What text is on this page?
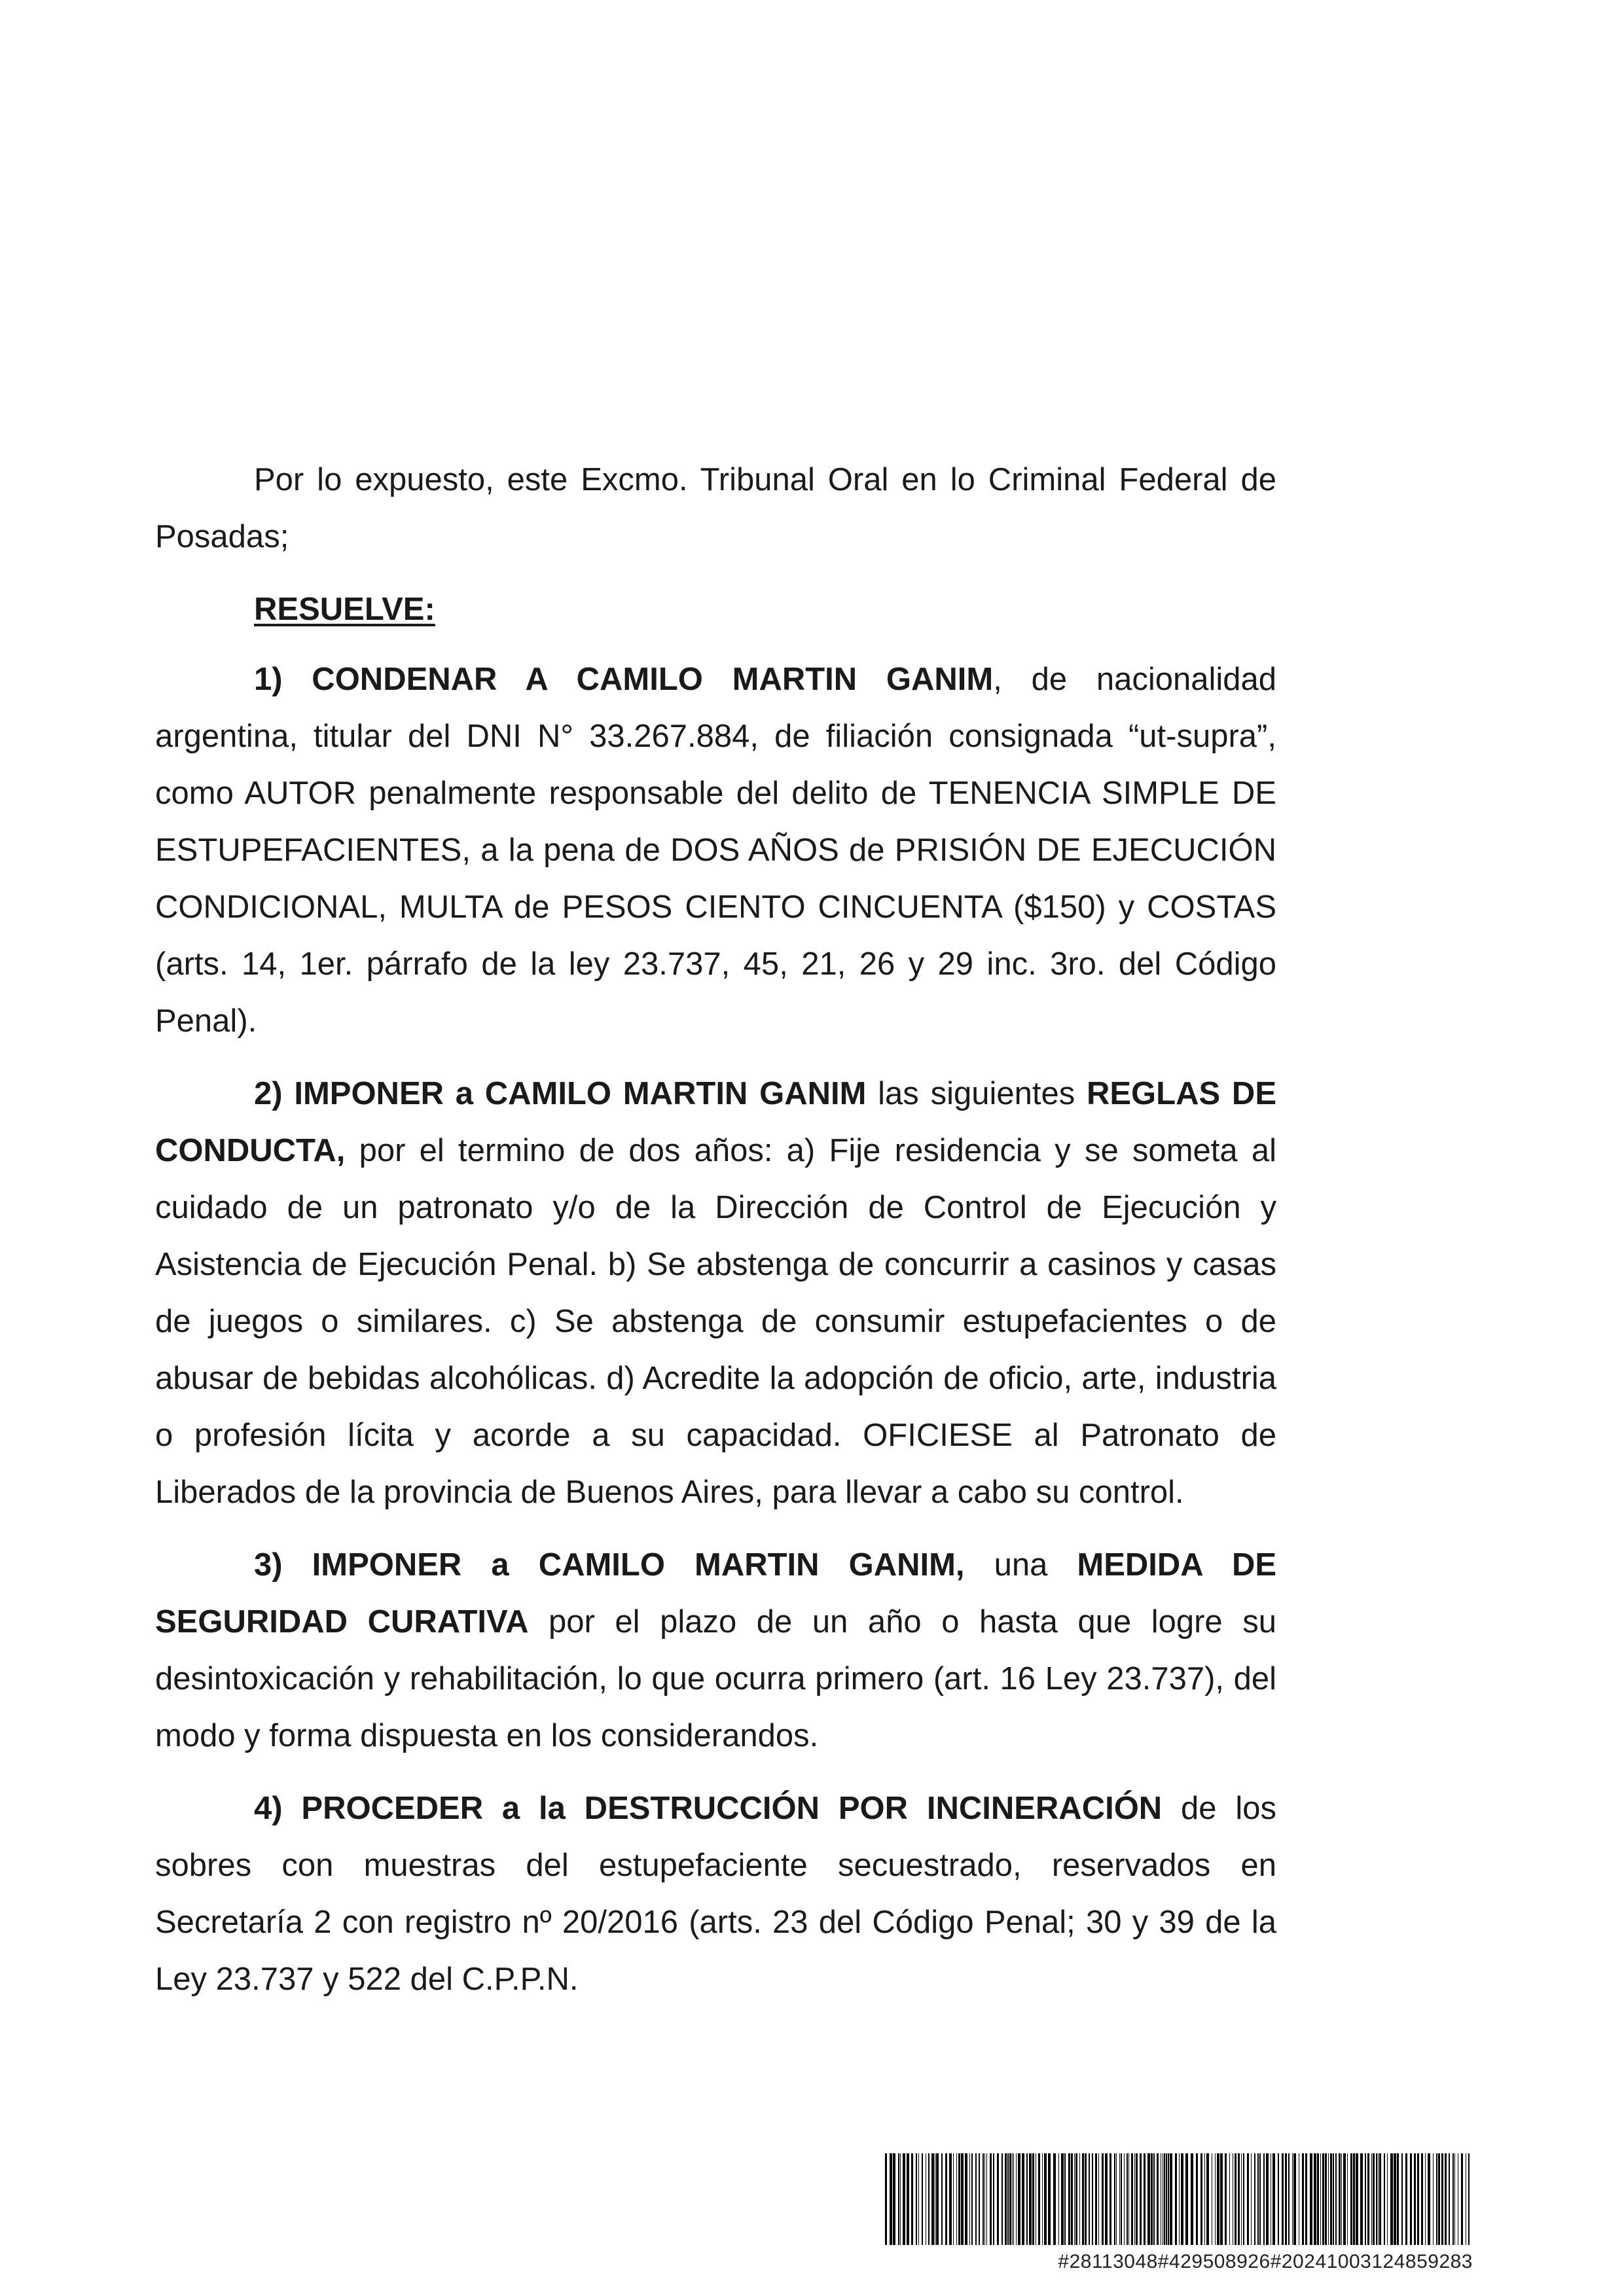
Por lo expuesto, este Excmo. Tribunal Oral en lo Criminal Federal de Posadas;

RESUELVE:

1) CONDENAR A CAMILO MARTIN GANIM, de nacionalidad argentina, titular del DNI N° 33.267.884, de filiación consignada “ut-supra”, como AUTOR penalmente responsable del delito de TENENCIA SIMPLE DE ESTUPEFACIENTES, a la pena de DOS AÑOS de PRISIÓN DE EJECUCIÓN CONDICIONAL, MULTA de PESOS CIENTO CINCUENTA ($150) y COSTAS (arts. 14, 1er. párrafo de la ley 23.737, 45, 21, 26 y 29 inc. 3ro. del Código Penal).

2) IMPONER a CAMILO MARTIN GANIM las siguientes REGLAS DE CONDUCTA, por el termino de dos años: a) Fije residencia y se someta al cuidado de un patronato y/o de la Dirección de Control de Ejecución y Asistencia de Ejecución Penal. b) Se abstenga de concurrir a casinos y casas de juegos o similares. c) Se abstenga de consumir estupefacientes o de abusar de bebidas alcohólicas. d) Acredite la adopción de oficio, arte, industria o profesión lícita y acorde a su capacidad. OFICIESE al Patronato de Liberados de la provincia de Buenos Aires, para llevar a cabo su control.

3) IMPONER a CAMILO MARTIN GANIM, una MEDIDA DE SEGURIDAD CURATIVA por el plazo de un año o hasta que logre su desintoxicación y rehabilitación, lo que ocurra primero (art. 16 Ley 23.737), del modo y forma dispuesta en los considerandos.

4) PROCEDER a la DESTRUCCIÓN POR INCINERACIÓN de los sobres con muestras del estupefaciente secuestrado, reservados en Secretaría 2 con registro nº 20/2016 (arts. 23 del Código Penal; 30 y 39 de la Ley 23.737 y 522 del C.P.P.N.

#28113048#429508926#20241003124859283
